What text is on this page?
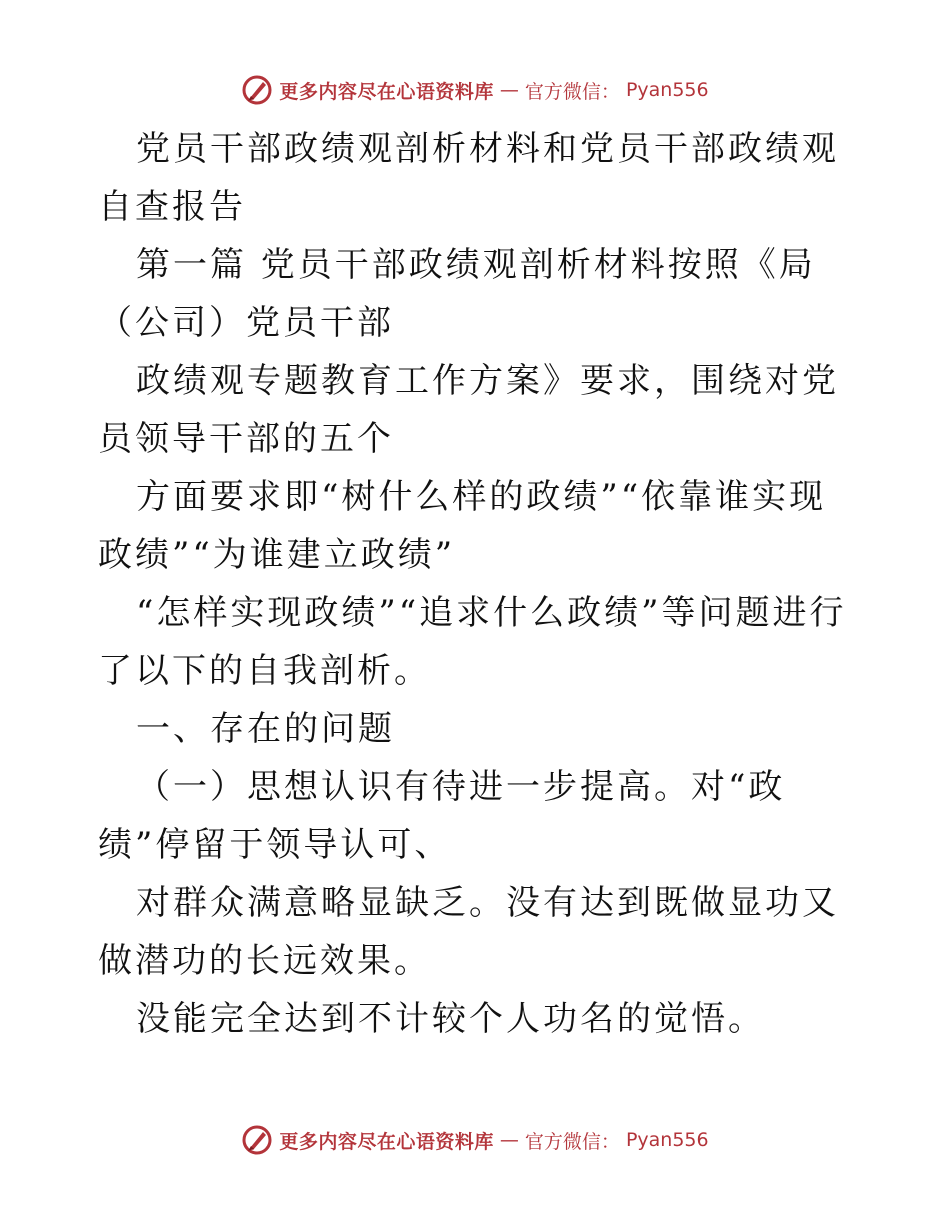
更多内容尽在心语资料库 — 官方微信： Pyan556

党员干部政绩观剖析材料和党员干部政绩观自查报告

第一篇 党员干部政绩观剖析材料按照《局（公司）党员干部

政绩观专题教育工作方案》要求，围绕对党员领导干部的五个

方面要求即“树什么样的政绩”“依靠谁实现政绩”“为谁建立政绩”

“怎样实现政绩”“追求什么政绩”等问题进行了以下的自我剖析。

一、存在的问题

（一）思想认识有待进一步提高。对“政绩”停留于领导认可、

对群众满意略显缺乏。没有达到既做显功又做潜功的长远效果。

没能完全达到不计较个人功名的觉悟。

更多内容尽在心语资料库 — 官方微信： Pyan556
